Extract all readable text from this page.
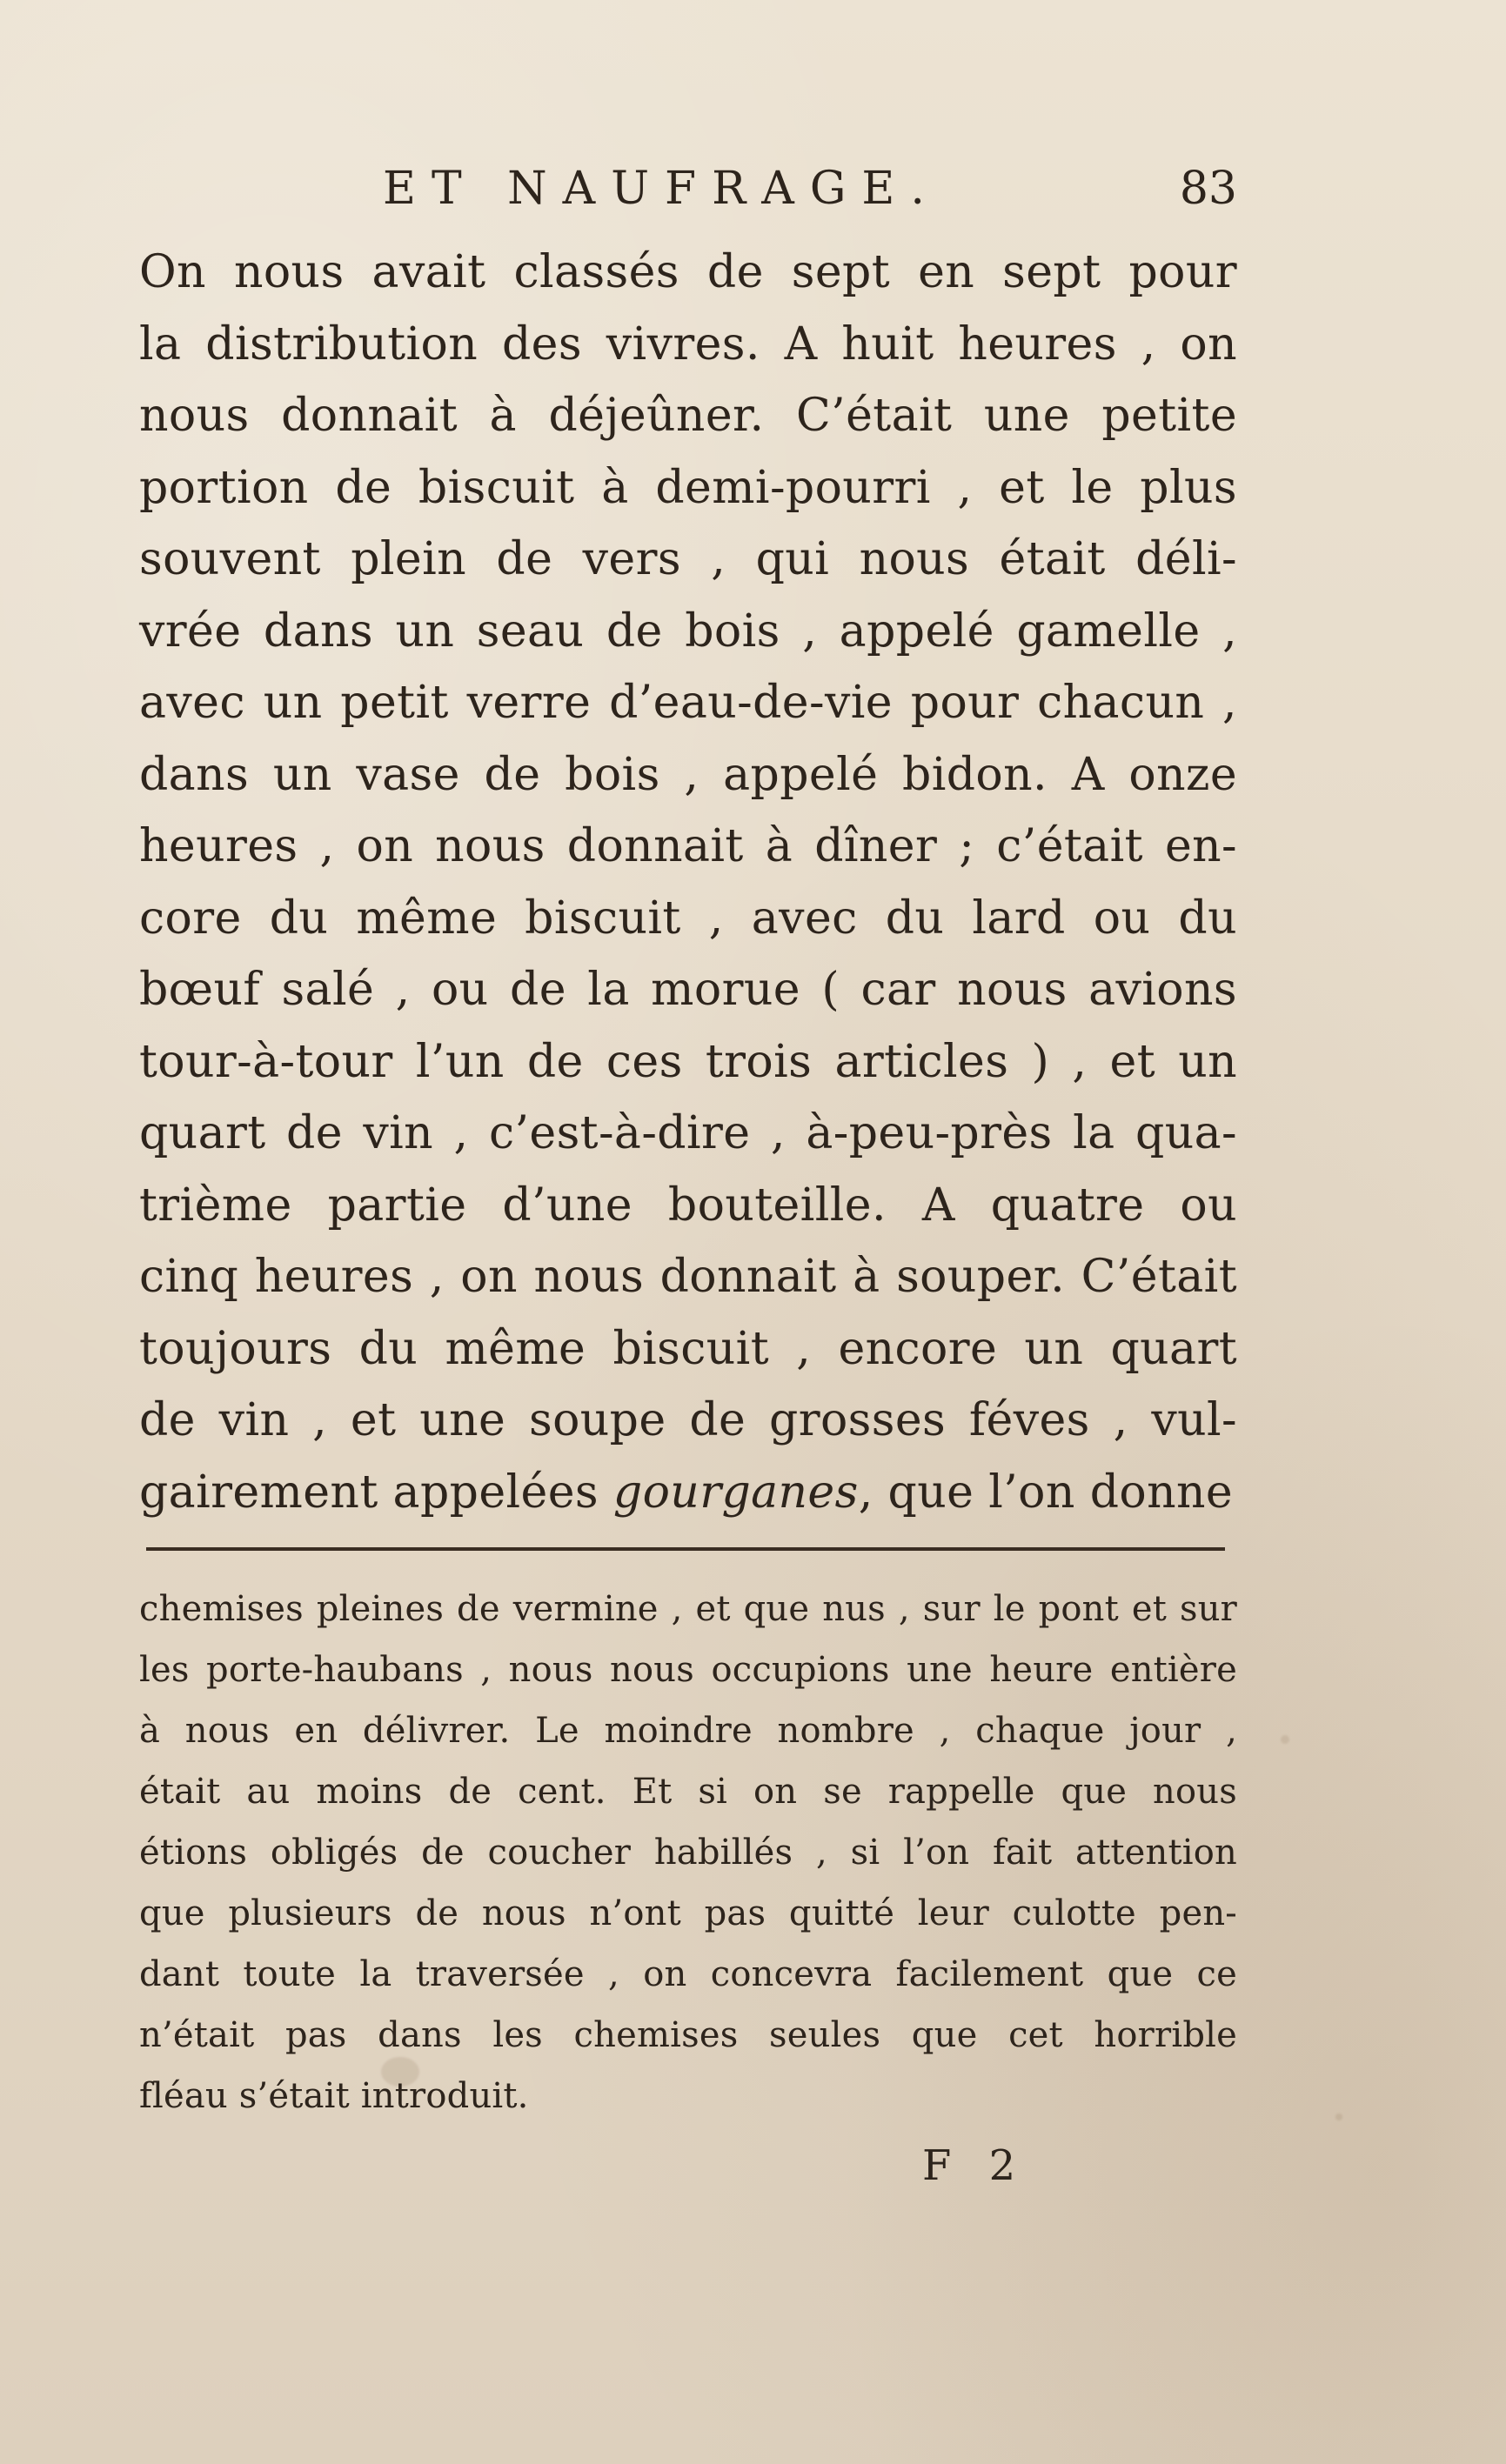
ET NAUFRAGE.	83
On nous avait classés de sept en sept pour
la distribution des vivres. A huit heures , on
nous donnait à déjeûner. C’était une petite
portion de biscuit à demi-pourri , et le plus
souvent plein de vers , qui nous était déli-
vrée dans un seau de bois , appelé gamelle ,
avec un petit verre d’eau-de-vie pour chacun ,
dans un vase de bois , appelé bidon. A onze
heures , on nous donnait à dîner ; c’était en-
core du même biscuit , avec du lard ou du
bœuf salé , ou de la morue ( car nous avions
tour-à-tour l’un de ces trois articles ) , et un
quart de vin , c’est-à-dire , à-peu-près la qua-
trième partie d’une bouteille. A quatre ou
cinq heures , on nous donnait à souper. C’était
toujours du même biscuit , encore un quart
de vin , et une soupe de grosses féves , vul-
gairement appelées gourganes, que l’on donne
chemises pleines de vermine , et que nus , sur le pont et sur
les porte-haubans , nous nous occupions une heure entière
à nous en délivrer. Le moindre nombre , chaque jour ,
était au moins de cent. Et si on se rappelle que nous
étions obligés de coucher habillés , si l’on fait attention
que plusieurs de nous n’ont pas quitté leur culotte pen-
dant toute la traversée , on concevra facilement que ce
n’était pas dans les chemises seules que cet horrible
fléau s’était introduit.
F 2
